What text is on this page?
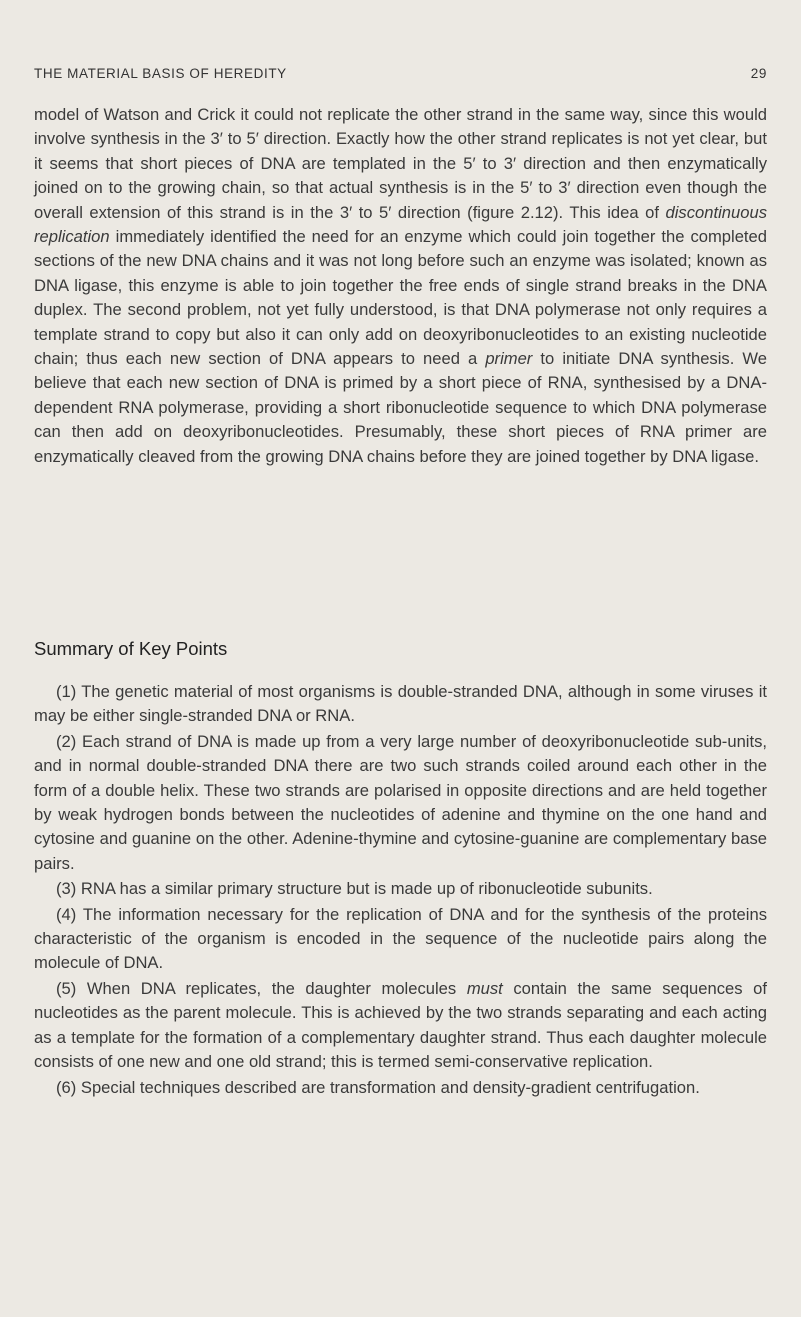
THE MATERIAL BASIS OF HEREDITY	29

model of Watson and Crick it could not replicate the other strand in the same way, since this would involve synthesis in the 3′ to 5′ direction. Exactly how the other strand replicates is not yet clear, but it seems that short pieces of DNA are templated in the 5′ to 3′ direction and then enzymatically joined on to the growing chain, so that actual synthesis is in the 5′ to 3′ direction even though the overall extension of this strand is in the 3′ to 5′ direction (figure 2.12). This idea of discontinuous replication immediately identified the need for an enzyme which could join together the completed sections of the new DNA chains and it was not long before such an enzyme was isolated; known as DNA ligase, this enzyme is able to join together the free ends of single strand breaks in the DNA duplex. The second problem, not yet fully understood, is that DNA polymerase not only requires a template strand to copy but also it can only add on deoxyribonucleotides to an existing nucleotide chain; thus each new section of DNA appears to need a primer to initiate DNA synthesis. We believe that each new section of DNA is primed by a short piece of RNA, synthesised by a DNA-dependent RNA polymerase, providing a short ribonucleotide sequence to which DNA polymerase can then add on deoxyribonucleotides. Presumably, these short pieces of RNA primer are enzymatically cleaved from the growing DNA chains before they are joined together by DNA ligase.

Summary of Key Points

(1) The genetic material of most organisms is double-stranded DNA, although in some viruses it may be either single-stranded DNA or RNA.

(2) Each strand of DNA is made up from a very large number of deoxyribonucleotide sub-units, and in normal double-stranded DNA there are two such strands coiled around each other in the form of a double helix. These two strands are polarised in opposite directions and are held together by weak hydrogen bonds between the nucleotides of adenine and thymine on the one hand and cytosine and guanine on the other. Adenine-thymine and cytosine-guanine are complementary base pairs.

(3) RNA has a similar primary structure but is made up of ribonucleotide subunits.

(4) The information necessary for the replication of DNA and for the synthesis of the proteins characteristic of the organism is encoded in the sequence of the nucleotide pairs along the molecule of DNA.

(5) When DNA replicates, the daughter molecules must contain the same sequences of nucleotides as the parent molecule. This is achieved by the two strands separating and each acting as a template for the formation of a complementary daughter strand. Thus each daughter molecule consists of one new and one old strand; this is termed semi-conservative replication.

(6) Special techniques described are transformation and density-gradient centrifugation.
